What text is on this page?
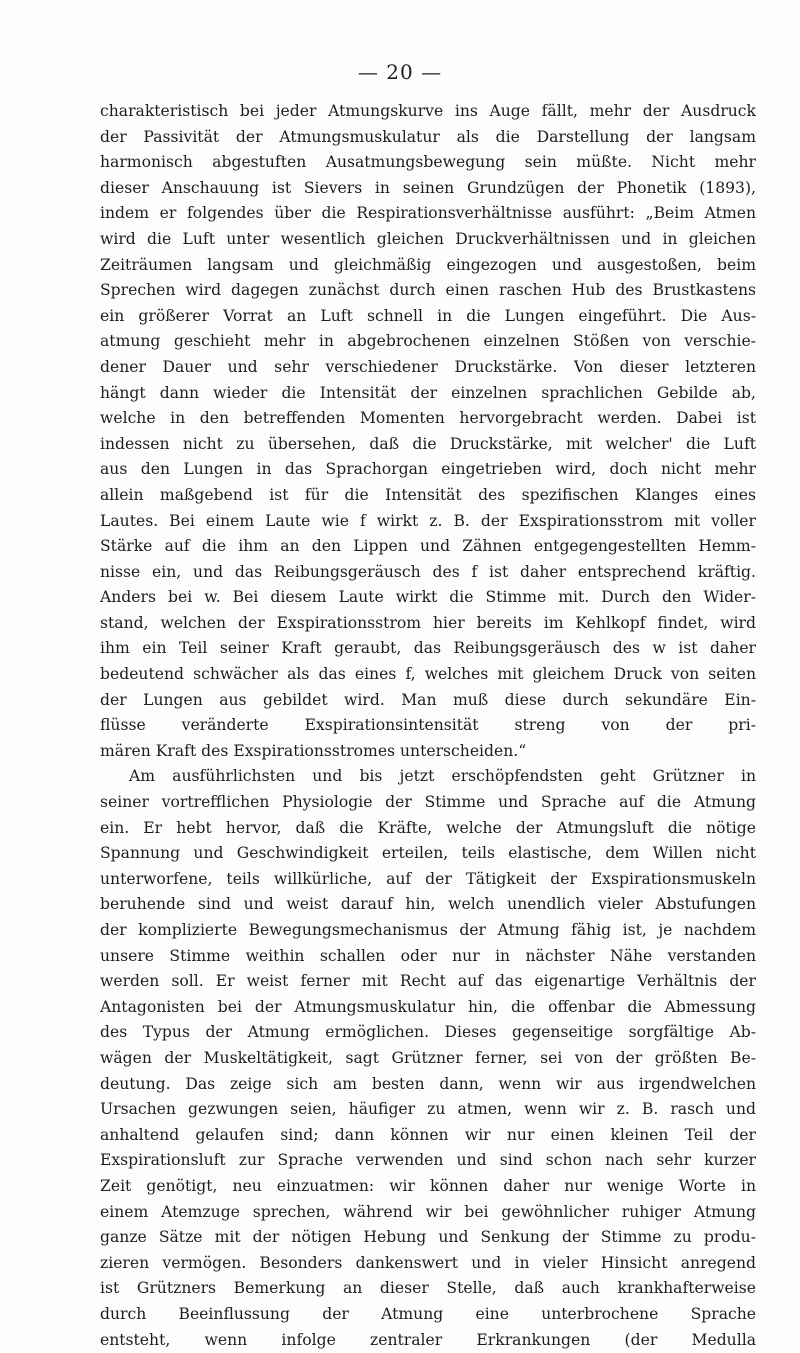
— 20 —
charakteristisch bei jeder Atmungskurve ins Auge fällt, mehr der Ausdruck
der Passivität der Atmungsmuskulatur als die Darstellung der langsam
harmonisch abgestuften Ausatmungsbewegung sein müßte. Nicht mehr
dieser Anschauung ist Sievers in seinen Grundzügen der Phonetik (1893),
indem er folgendes über die Respirationsverhältnisse ausführt: „Beim Atmen
wird die Luft unter wesentlich gleichen Druckverhältnissen und in gleichen
Zeiträumen langsam und gleichmäßig eingezogen und ausgestoßen, beim
Sprechen wird dagegen zunächst durch einen raschen Hub des Brustkastens
ein größerer Vorrat an Luft schnell in die Lungen eingeführt. Die Aus-
atmung geschieht mehr in abgebrochenen einzelnen Stößen von verschie-
dener Dauer und sehr verschiedener Druckstärke. Von dieser letzteren
hängt dann wieder die Intensität der einzelnen sprachlichen Gebilde ab,
welche in den betreffenden Momenten hervorgebracht werden. Dabei ist
indessen nicht zu übersehen, daß die Druckstärke, mit welcher' die Luft
aus den Lungen in das Sprachorgan eingetrieben wird, doch nicht mehr
allein maßgebend ist für die Intensität des spezifischen Klanges eines
Lautes. Bei einem Laute wie f wirkt z. B. der Exspirationsstrom mit voller
Stärke auf die ihm an den Lippen und Zähnen entgegengestellten Hemm-
nisse ein, und das Reibungsgeräusch des f ist daher entsprechend kräftig.
Anders bei w. Bei diesem Laute wirkt die Stimme mit. Durch den Wider-
stand, welchen der Exspirationsstrom hier bereits im Kehlkopf findet, wird
ihm ein Teil seiner Kraft geraubt, das Reibungsgeräusch des w ist daher
bedeutend schwächer als das eines f, welches mit gleichem Druck von seiten
der Lungen aus gebildet wird. Man muß diese durch sekundäre Ein-
flüsse veränderte Exspirationsintensität streng von der pri-
mären Kraft des Exspirationsstromes unterscheiden.“
Am ausführlichsten und bis jetzt erschöpfendsten geht Grützner in
seiner vortrefflichen Physiologie der Stimme und Sprache auf die Atmung
ein. Er hebt hervor, daß die Kräfte, welche der Atmungsluft die nötige
Spannung und Geschwindigkeit erteilen, teils elastische, dem Willen nicht
unterworfene, teils willkürliche, auf der Tätigkeit der Exspirationsmuskeln
beruhende sind und weist darauf hin, welch unendlich vieler Abstufungen
der komplizierte Bewegungsmechanismus der Atmung fähig ist, je nachdem
unsere Stimme weithin schallen oder nur in nächster Nähe verstanden
werden soll. Er weist ferner mit Recht auf das eigenartige Verhältnis der
Antagonisten bei der Atmungsmuskulatur hin, die offenbar die Abmessung
des Typus der Atmung ermöglichen. Dieses gegenseitige sorgfältige Ab-
wägen der Muskeltätigkeit, sagt Grützner ferner, sei von der größten Be-
deutung. Das zeige sich am besten dann, wenn wir aus irgendwelchen
Ursachen gezwungen seien, häufiger zu atmen, wenn wir z. B. rasch und
anhaltend gelaufen sind; dann können wir nur einen kleinen Teil der
Exspirationsluft zur Sprache verwenden und sind schon nach sehr kurzer
Zeit genötigt, neu einzuatmen: wir können daher nur wenige Worte in
einem Atemzuge sprechen, während wir bei gewöhnlicher ruhiger Atmung
ganze Sätze mit der nötigen Hebung und Senkung der Stimme zu produ-
zieren vermögen. Besonders dankenswert und in vieler Hinsicht anregend
ist Grützners Bemerkung an dieser Stelle, daß auch krankhafterweise
durch Beeinflussung der Atmung eine unterbrochene Sprache
entsteht, wenn infolge zentraler Erkrankungen (der Medulla
